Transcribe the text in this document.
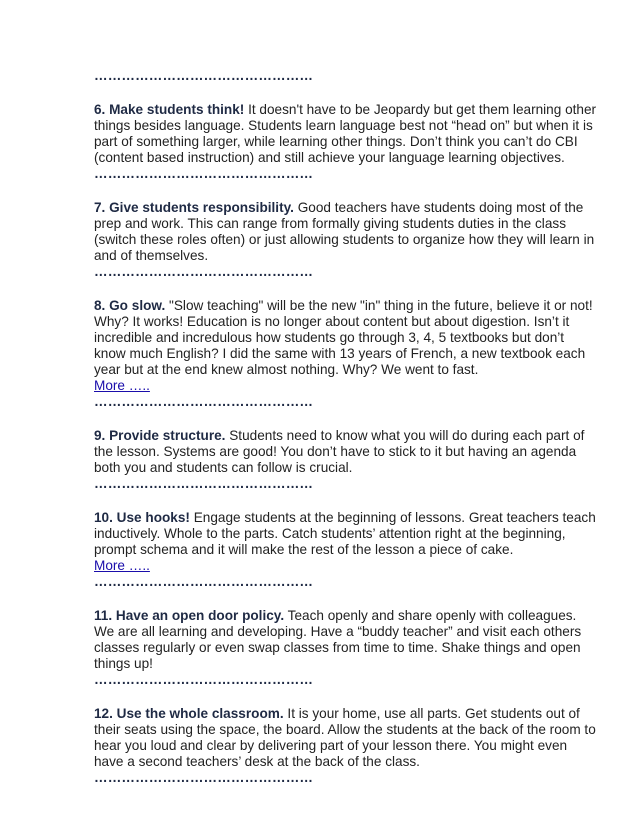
…………………………………………

6. Make students think! It doesn't have to be Jeopardy but get them learning other things besides language. Students learn language best not “head on” but when it is part of something larger, while learning other things. Don’t think you can’t do CBI (content based instruction) and still achieve your language learning objectives.

…………………………………………

7. Give students responsibility. Good teachers have students doing most of the prep and work. This can range from formally giving students duties in the class (switch these roles often) or just allowing students to organize how they will learn in and of themselves.

…………………………………………

8. Go slow. "Slow teaching" will be the new "in" thing in the future, believe it or not! Why? It works! Education is no longer about content but about digestion. Isn’t it incredible and incredulous how students go through 3, 4, 5 textbooks but don’t know much English? I did the same with 13 years of French, a new textbook each year but at the end knew almost nothing. Why? We went to fast.

More …..

…………………………………………

9. Provide structure. Students need to know what you will do during each part of the lesson. Systems are good! You don’t have to stick to it but having an agenda both you and students can follow is crucial.

…………………………………………

10. Use hooks! Engage students at the beginning of lessons. Great teachers teach inductively. Whole to the parts. Catch students’ attention right at the beginning, prompt schema and it will make the rest of the lesson a piece of cake.

More …..

…………………………………………

11. Have an open door policy. Teach openly and share openly with colleagues. We are all learning and developing. Have a “buddy teacher” and visit each others classes regularly or even swap classes from time to time. Shake things and open things up!

…………………………………………

12. Use the whole classroom. It is your home, use all parts. Get students out of their seats using the space, the board. Allow the students at the back of the room to hear you loud and clear by delivering part of your lesson there. You might even have a second teachers’ desk at the back of the class.

…………………………………………
